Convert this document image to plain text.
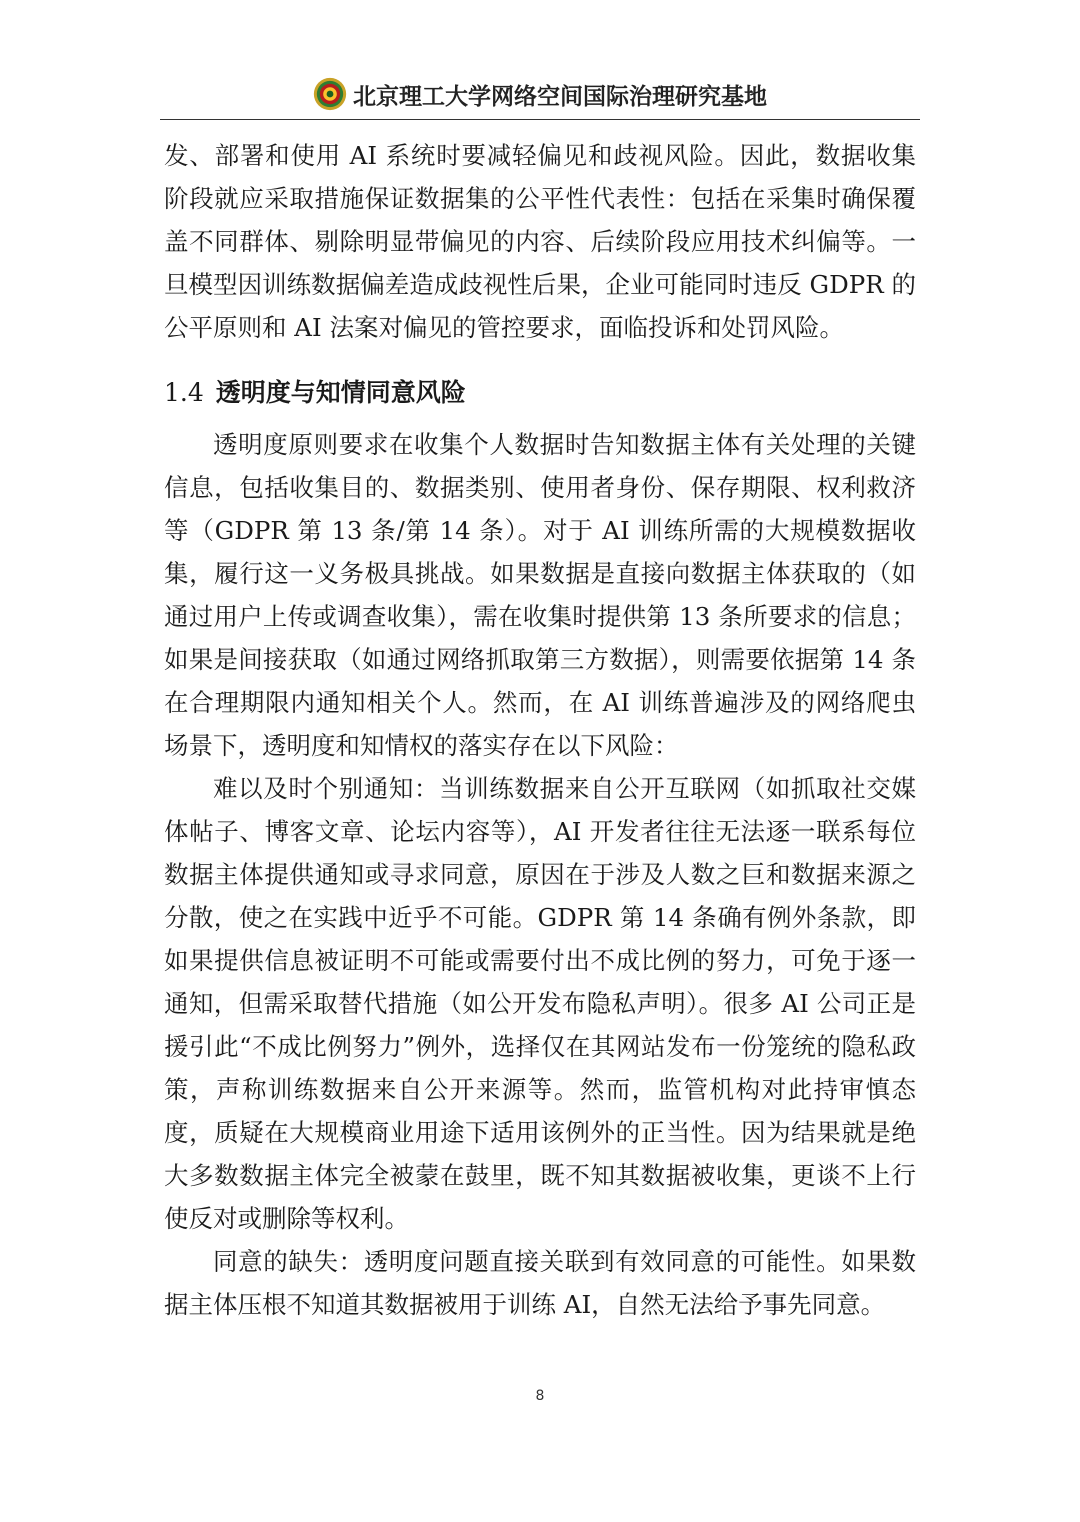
北京理工大学网络空间国际治理研究基地

发、部署和使用 AI 系统时要减轻偏见和歧视风险。因此，数据收集阶段就应采取措施保证数据集的公平性代表性：包括在采集时确保覆盖不同群体、剔除明显带偏见的内容、后续阶段应用技术纠偏等。一旦模型因训练数据偏差造成歧视性后果，企业可能同时违反 GDPR 的公平原则和 AI 法案对偏见的管控要求，面临投诉和处罚风险。

1.4 透明度与知情同意风险

透明度原则要求在收集个人数据时告知数据主体有关处理的关键信息，包括收集目的、数据类别、使用者身份、保存期限、权利救济等（GDPR 第 13 条/第 14 条）。对于 AI 训练所需的大规模数据收集，履行这一义务极具挑战。如果数据是直接向数据主体获取的（如通过用户上传或调查收集），需在收集时提供第 13 条所要求的信息；如果是间接获取（如通过网络抓取第三方数据），则需要依据第 14 条在合理期限内通知相关个人。然而，在 AI 训练普遍涉及的网络爬虫场景下，透明度和知情权的落实存在以下风险：

难以及时个别通知：当训练数据来自公开互联网（如抓取社交媒体帖子、博客文章、论坛内容等），AI 开发者往往无法逐一联系每位数据主体提供通知或寻求同意，原因在于涉及人数之巨和数据来源之分散，使之在实践中近乎不可能。GDPR 第 14 条确有例外条款，即如果提供信息被证明不可能或需要付出不成比例的努力，可免于逐一通知，但需采取替代措施（如公开发布隐私声明）。很多 AI 公司正是援引此“不成比例努力”例外，选择仅在其网站发布一份笼统的隐私政策，声称训练数据来自公开来源等。然而，监管机构对此持审慎态度，质疑在大规模商业用途下适用该例外的正当性。因为结果就是绝大多数数据主体完全被蒙在鼓里，既不知其数据被收集，更谈不上行使反对或删除等权利。

同意的缺失：透明度问题直接关联到有效同意的可能性。如果数据主体压根不知道其数据被用于训练 AI，自然无法给予事先同意。

8
